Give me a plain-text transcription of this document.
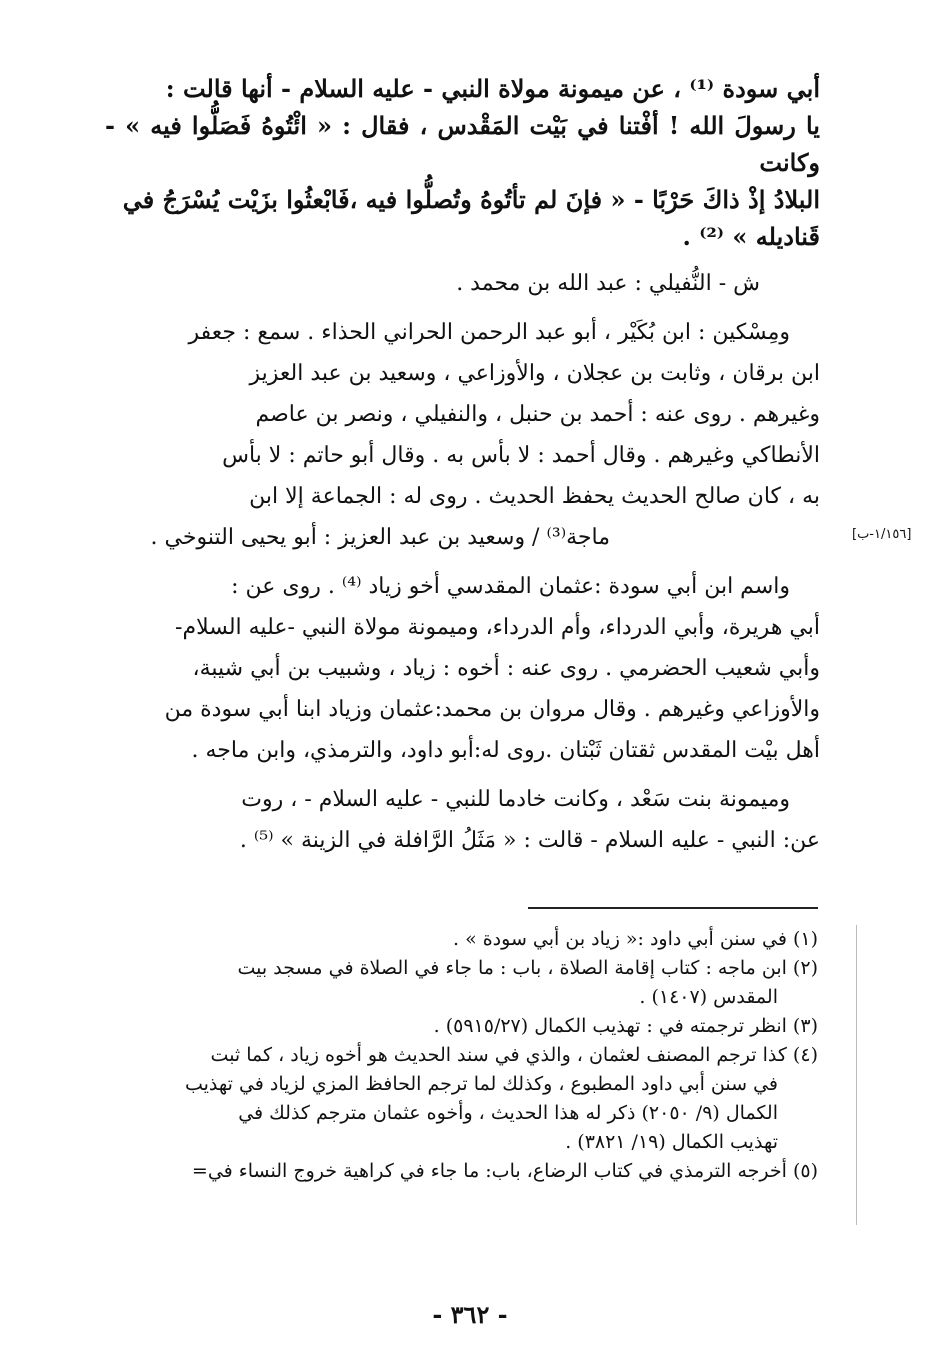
أبي سودة ⁽¹⁾ ، عن ميمونة مولاة النبي - عليه السلام - أنها قالت :

يا رسولَ الله ! أفْتنا في بَيْت المَقْدس ، فقال : « ائْتُوهُ فَصَلُّوا فيه » - وكانت

البلادُ إذْ ذاكَ حَرْبًا - « فإنَ لم تأتُوهُ وتُصلُّوا فيه ،فَابْعثُوا بزَيْت يُسْرَجُ في

قَناديله » ⁽²⁾ .

ش - النُّفيلي : عبد الله بن محمد .

ومِسْكين : ابن بُكَيْر ، أبو عبد الرحمن الحراني الحذاء . سمع : جعفر

ابن برقان ، وثابت بن عجلان ، والأوزاعي ، وسعيد بن عبد العزيز

وغيرهم . روى عنه : أحمد بن حنبل ، والنفيلي ، ونصر بن عاصم

الأنطاكي وغيرهم . وقال أحمد : لا بأس به . وقال أبو حاتم : لا بأس

به ، كان صالح الحديث يحفظ الحديث . روى له : الجماعة إلا ابن

ماجة⁽³⁾ / وسعيد بن عبد العزيز : أبو يحيى التنوخي .

واسم ابن أبي سودة :عثمان المقدسي أخو زياد ⁽⁴⁾ . روى عن :

أبي هريرة، وأبي الدرداء، وأم الدرداء، وميمونة مولاة النبي -عليه السلام-

وأبي شعيب الحضرمي . روى عنه : أخوه : زياد ، وشبيب بن أبي شيبة،

والأوزاعي وغيرهم . وقال مروان بن محمد:عثمان وزياد ابنا أبي سودة من

أهل بيْت المقدس ثقتان ثَبْتان .روى له:أبو داود، والترمذي، وابن ماجه .

وميمونة بنت سَعْد ، وكانت خادما للنبي - عليه السلام - ، روت

عن: النبي - عليه السلام - قالت : « مَثَلُ الرَّافلة في الزينة » ⁽⁵⁾ .

[١/١٥٦-ب]

(١) في سنن أبي داود :« زياد بن أبي سودة » .

(٢) ابن ماجه : كتاب إقامة الصلاة ، باب : ما جاء في الصلاة في مسجد بيت

المقدس (١٤٠٧) .

(٣) انظر ترجمته في : تهذيب الكمال (٥٩١٥/٢٧) .

(٤) كذا ترجم المصنف لعثمان ، والذي في سند الحديث هو أخوه زياد ، كما ثبت

في سنن أبي داود المطبوع ، وكذلك لما ترجم الحافظ المزي لزياد في تهذيب

الكمال (٩/ ٢٠٥٠) ذكر له هذا الحديث ، وأخوه عثمان مترجم كذلك في

تهذيب الكمال (١٩/ ٣٨٢١) .

(٥) أخرجه الترمذي في كتاب الرضاع، باب: ما جاء في كراهية خروج النساء في=

- ٣٦٢ -
